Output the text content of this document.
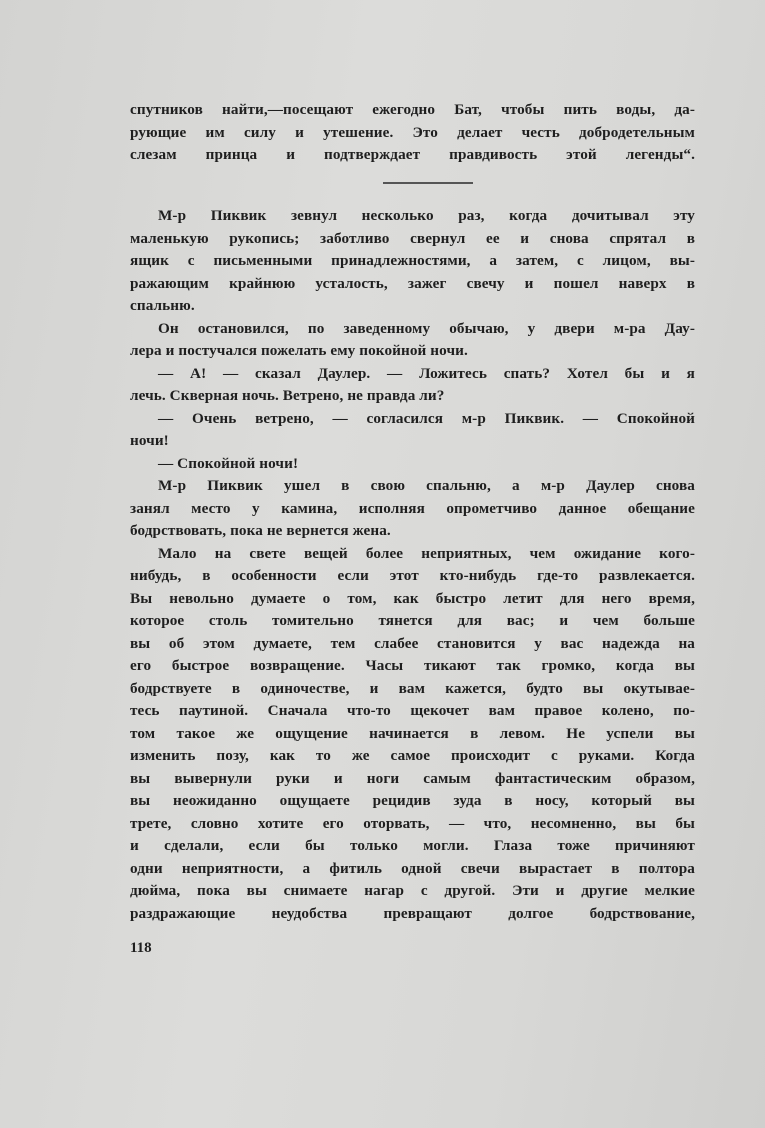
спутников найти,—посещают ежегодно Бат, чтобы пить воды, да-
рующие им силу и утешение. Это делает честь добродетельным
слезам принца и подтверждает правдивость этой легенды“.
М-р Пиквик зевнул несколько раз, когда дочитывал эту
маленькую рукопись; заботливо свернул ее и снова спрятал в
ящик с письменными принадлежностями, а затем, с лицом, вы-
ражающим крайнюю усталость, зажег свечу и пошел наверх в
спальню.
Он остановился, по заведенному обычаю, у двери м-ра Дау-
лера и постучался пожелать ему покойной ночи.
— А! — сказал Даулер. — Ложитесь спать? Хотел бы и я
лечь. Скверная ночь. Ветрено, не правда ли?
— Очень ветрено, — согласился м-р Пиквик. — Спокойной
ночи!
— Спокойной ночи!
М-р Пиквик ушел в свою спальню, а м-р Даулер снова
занял место у камина, исполняя опрометчиво данное обещание
бодрствовать, пока не вернется жена.
Мало на свете вещей более неприятных, чем ожидание кого-
нибудь, в особенности если этот кто-нибудь где-то развлекается.
Вы невольно думаете о том, как быстро летит для него время,
которое столь томительно тянется для вас; и чем больше
вы об этом думаете, тем слабее становится у вас надежда на
его быстрое возвращение. Часы тикают так громко, когда вы
бодрствуете в одиночестве, и вам кажется, будто вы окутывае-
тесь паутиной. Сначала что-то щекочет вам правое колено, по-
том такое же ощущение начинается в левом. Не успели вы
изменить позу, как то же самое происходит с руками. Когда
вы вывернули руки и ноги самым фантастическим образом,
вы неожиданно ощущаете рецидив зуда в носу, который вы
трете, словно хотите его оторвать, — что, несомненно, вы бы
и сделали, если бы только могли. Глаза тоже причиняют
одни неприятности, а фитиль одной свечи вырастает в полтора
дюйма, пока вы снимаете нагар с другой. Эти и другие мелкие
раздражающие неудобства превращают долгое бодрствование,
118
